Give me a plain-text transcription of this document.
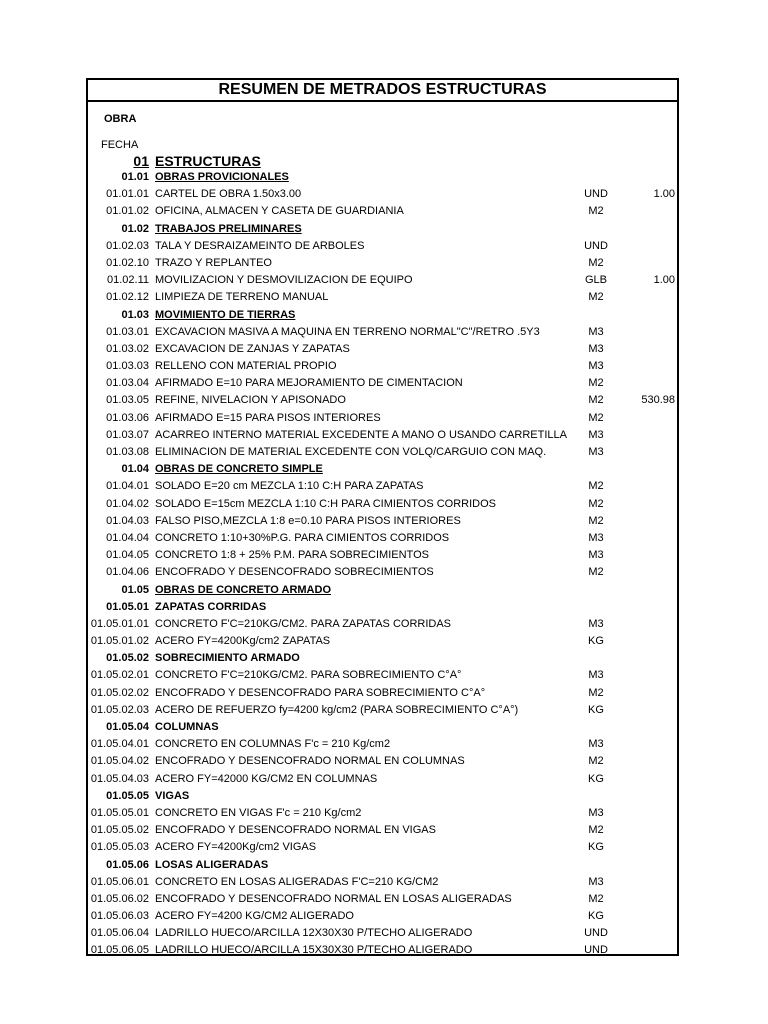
RESUMEN DE METRADOS ESTRUCTURAS
OBRA
FECHA
01 ESTRUCTURAS
01.01 OBRAS PROVICIONALES
01.01.01 CARTEL DE OBRA 1.50x3.00	UND	1.00
01.01.02 OFICINA, ALMACEN Y CASETA DE GUARDIANIA	M2
01.02 TRABAJOS PRELIMINARES
01.02.03 TALA Y DESRAIZAMEINTO DE ARBOLES	UND
01.02.10 TRAZO Y REPLANTEO	M2
01.02.11 MOVILIZACION Y DESMOVILIZACION DE EQUIPO	GLB	1.00
01.02.12 LIMPIEZA DE TERRENO MANUAL	M2
01.03 MOVIMIENTO DE TIERRAS
01.03.01 EXCAVACION MASIVA A MAQUINA EN TERRENO NORMAL"C"/RETRO .5Y3	M3
01.03.02 EXCAVACION DE ZANJAS Y ZAPATAS	M3
01.03.03 RELLENO CON MATERIAL PROPIO	M3
01.03.04 AFIRMADO E=10 PARA MEJORAMIENTO DE CIMENTACION	M2
01.03.05 REFINE, NIVELACION Y APISONADO	M2	530.98
01.03.06 AFIRMADO E=15 PARA PISOS INTERIORES	M2
01.03.07 ACARREO INTERNO MATERIAL EXCEDENTE A MANO O USANDO CARRETILLA	M3
01.03.08 ELIMINACION DE MATERIAL EXCEDENTE CON VOLQ/CARGUIO CON MAQ.	M3
01.04 OBRAS DE CONCRETO SIMPLE
01.04.01 SOLADO E=20 cm MEZCLA 1:10 C:H PARA ZAPATAS	M2
01.04.02 SOLADO E=15cm MEZCLA 1:10 C:H PARA CIMIENTOS CORRIDOS	M2
01.04.03 FALSO PISO,MEZCLA 1:8 e=0.10 PARA PISOS INTERIORES	M2
01.04.04 CONCRETO 1:10+30%P.G. PARA CIMIENTOS CORRIDOS	M3
01.04.05 CONCRETO 1:8 + 25% P.M. PARA SOBRECIMIENTOS	M3
01.04.06 ENCOFRADO Y DESENCOFRADO SOBRECIMIENTOS	M2
01.05 OBRAS DE CONCRETO ARMADO
01.05.01 ZAPATAS CORRIDAS
01.05.01.01 CONCRETO F'C=210KG/CM2. PARA ZAPATAS CORRIDAS	M3
01.05.01.02 ACERO FY=4200Kg/cm2 ZAPATAS	KG
01.05.02 SOBRECIMIENTO ARMADO
01.05.02.01 CONCRETO F'C=210KG/CM2. PARA SOBRECIMIENTO C°A°	M3
01.05.02.02 ENCOFRADO Y DESENCOFRADO PARA SOBRECIMIENTO C°A°	M2
01.05.02.03 ACERO DE REFUERZO fy=4200 kg/cm2 (PARA SOBRECIMIENTO C°A°)	KG
01.05.04 COLUMNAS
01.05.04.01 CONCRETO EN COLUMNAS F'c = 210 Kg/cm2	M3
01.05.04.02 ENCOFRADO Y DESENCOFRADO NORMAL EN COLUMNAS	M2
01.05.04.03 ACERO FY=42000 KG/CM2 EN COLUMNAS	KG
01.05.05 VIGAS
01.05.05.01 CONCRETO EN VIGAS F'c = 210 Kg/cm2	M3
01.05.05.02 ENCOFRADO Y DESENCOFRADO NORMAL EN VIGAS	M2
01.05.05.03 ACERO FY=4200Kg/cm2 VIGAS	KG
01.05.06 LOSAS ALIGERADAS
01.05.06.01 CONCRETO EN LOSAS ALIGERADAS F'C=210 KG/CM2	M3
01.05.06.02 ENCOFRADO Y DESENCOFRADO NORMAL EN LOSAS ALIGERADAS	M2
01.05.06.03 ACERO FY=4200 KG/CM2 ALIGERADO	KG
01.05.06.04 LADRILLO HUECO/ARCILLA 12X30X30 P/TECHO ALIGERADO	UND
01.05.06.05 LADRILLO HUECO/ARCILLA 15X30X30 P/TECHO ALIGERADO	UND
